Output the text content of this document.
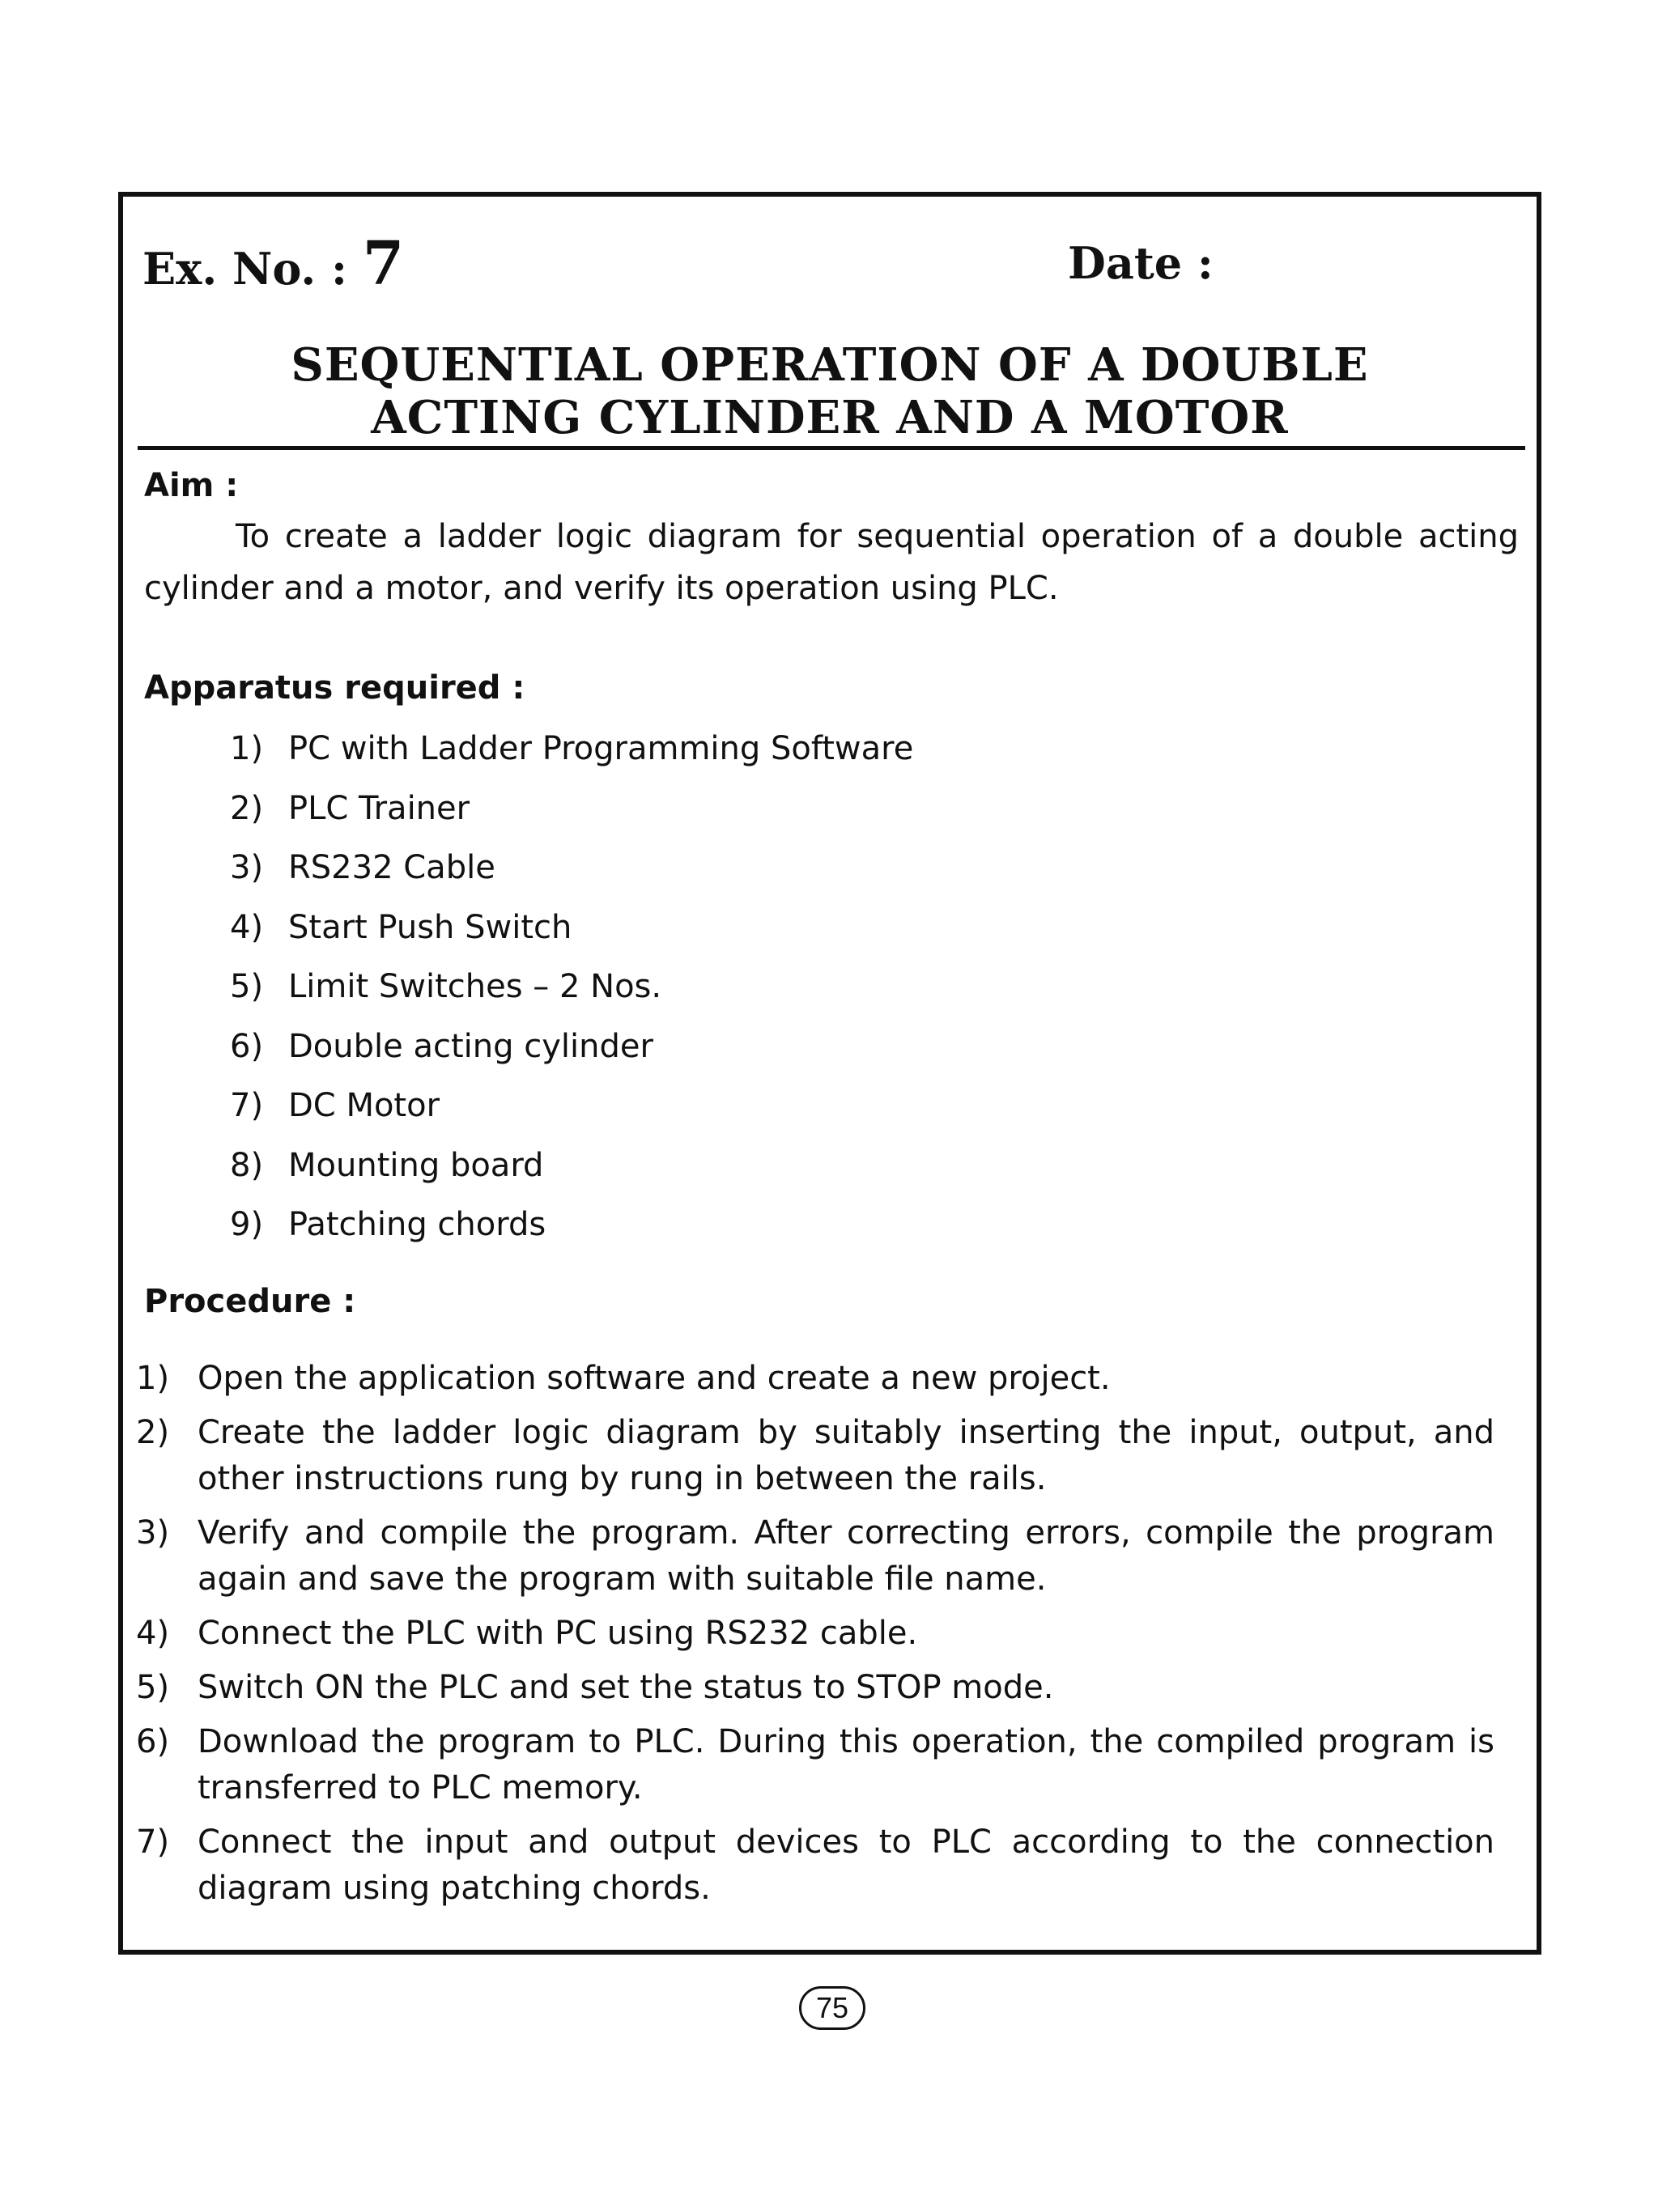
Ex. No. : 7	Date :
SEQUENTIAL OPERATION OF A DOUBLE
ACTING CYLINDER AND A MOTOR
Aim :
To create a ladder logic diagram for sequential operation of a double acting cylinder and a motor, and verify its operation using PLC.
Apparatus required :
1) PC with Ladder Programming Software
2) PLC Trainer
3) RS232 Cable
4) Start Push Switch
5) Limit Switches – 2 Nos.
6) Double acting cylinder
7) DC Motor
8) Mounting board
9) Patching chords
Procedure :
1) Open the application software and create a new project.
2) Create the ladder logic diagram by suitably inserting the input, output, and other instructions rung by rung in between the rails.
3) Verify and compile the program. After correcting errors, compile the program again and save the program with suitable file name.
4) Connect the PLC with PC using RS232 cable.
5) Switch ON the PLC and set the status to STOP mode.
6) Download the program to PLC. During this operation, the compiled program is transferred to PLC memory.
7) Connect the input and output devices to PLC according to the connection diagram using patching chords.
75
